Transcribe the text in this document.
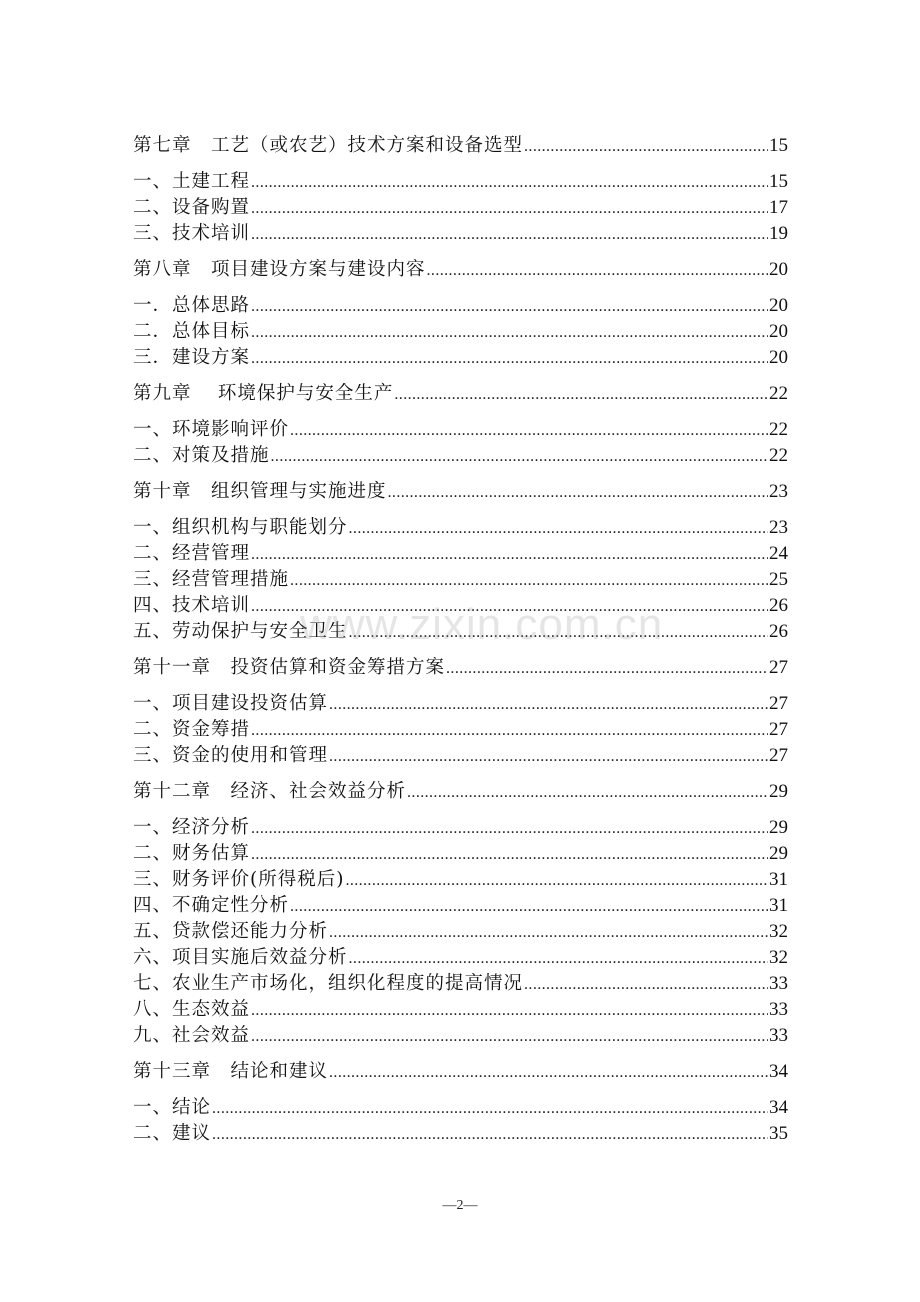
第七章　工艺（或农艺）技术方案和设备选型 .....	15
一、土建工程 .....	15
二、设备购置 .....	17
三、技术培训 .....	19
第八章　项目建设方案与建设内容 .....	20
一．总体思路 .....	20
二．总体目标 .....	20
三．建设方案 .....	20
第九章　 环境保护与安全生产 .....	22
一、环境影响评价 .....	22
二、对策及措施 .....	22
第十章　组织管理与实施进度 .....	23
一、组织机构与职能划分 .....	23
二、经营管理 .....	24
三、经营管理措施 .....	25
四、技术培训 .....	26
五、劳动保护与安全卫生 .....	26
第十一章　投资估算和资金筹措方案 .....	27
一、项目建设投资估算 .....	27
二、资金筹措 .....	27
三、资金的使用和管理 .....	27
第十二章　经济、社会效益分析 .....	29
一、经济分析 .....	29
二、财务估算 .....	29
三、财务评价(所得税后) .....	31
四、不确定性分析 .....	31
五、贷款偿还能力分析 .....	32
六、项目实施后效益分析 .....	32
七、农业生产市场化，组织化程度的提高情况 .....	33
八、生态效益 .....	33
九、社会效益 .....	33
第十三章　结论和建议 .....	34
一、结论 .....	34
二、建议 .....	35
www.zixin.com.cn
—2—
